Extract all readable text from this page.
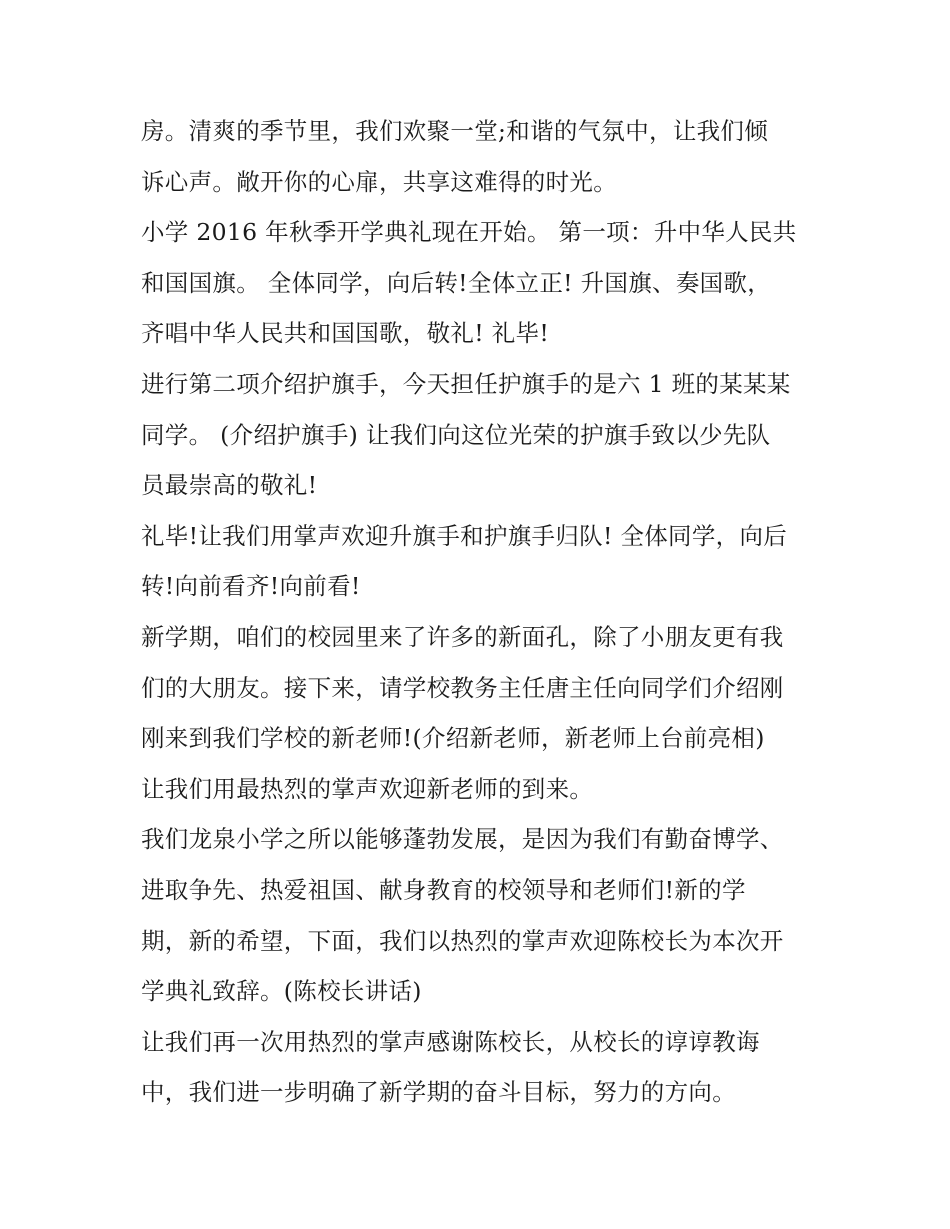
房。清爽的季节里，我们欢聚一堂;和谐的气氛中，让我们倾
诉心声。敞开你的心扉，共享这难得的时光。

小学 2016 年秋季开学典礼现在开始。 第一项：升中华人民共
和国国旗。 全体同学，向后转!全体立正! 升国旗、奏国歌，
齐唱中华人民共和国国歌，敬礼! 礼毕!

进行第二项介绍护旗手，今天担任护旗手的是六 1 班的某某某
同学。 (介绍护旗手) 让我们向这位光荣的护旗手致以少先队
员最崇高的敬礼!

礼毕!让我们用掌声欢迎升旗手和护旗手归队! 全体同学，向后
转!向前看齐!向前看!

新学期，咱们的校园里来了许多的新面孔，除了小朋友更有我
们的大朋友。接下来，请学校教务主任唐主任向同学们介绍刚
刚来到我们学校的新老师!(介绍新老师，新老师上台前亮相)
让我们用最热烈的掌声欢迎新老师的到来。

我们龙泉小学之所以能够蓬勃发展，是因为我们有勤奋博学、
进取争先、热爱祖国、献身教育的校领导和老师们!新的学
期，新的希望，下面，我们以热烈的掌声欢迎陈校长为本次开
学典礼致辞。(陈校长讲话)

让我们再一次用热烈的掌声感谢陈校长，从校长的谆谆教诲
中，我们进一步明确了新学期的奋斗目标，努力的方向。
